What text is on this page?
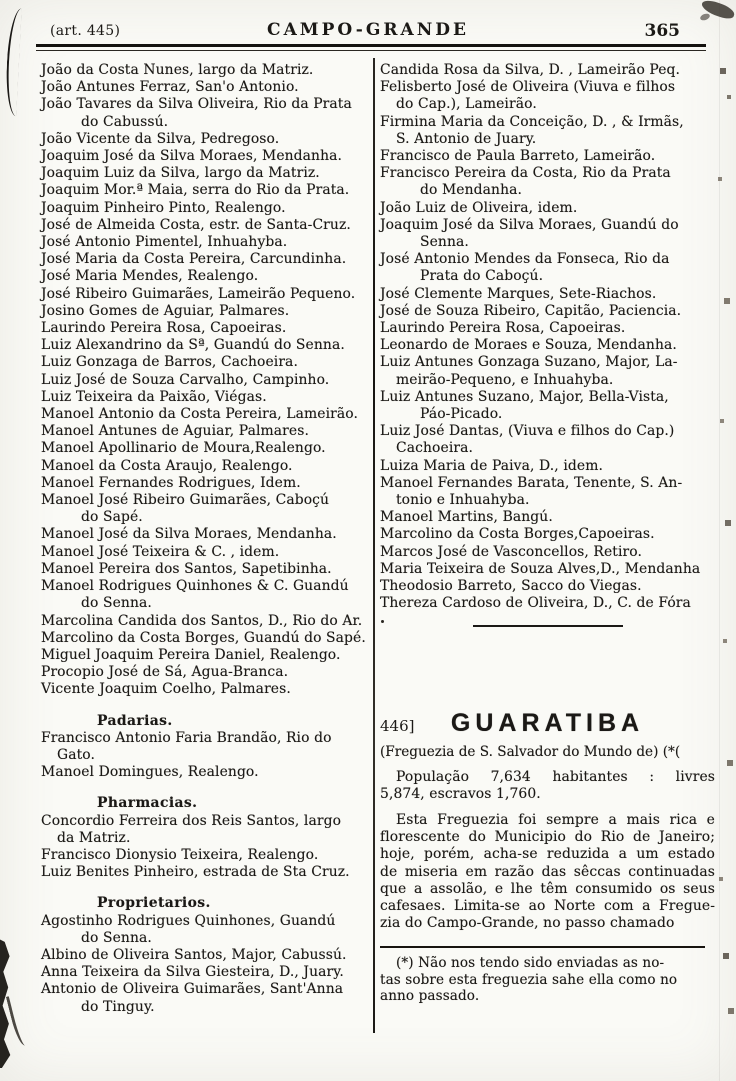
(art. 445)	CAMPO-GRANDE	365
João da Costa Nunes, largo da Matriz.
João Antunes Ferraz, San'o Antonio.
João Tavares da Silva Oliveira, Rio da Prata
do Cabussú.
João Vicente da Silva, Pedregoso.
Joaquim José da Silva Moraes, Mendanha.
Joaquim Luiz da Silva, largo da Matriz.
Joaquim Mor.ª Maia, serra do Rio da Prata.
Joaquim Pinheiro Pinto, Realengo.
José de Almeida Costa, estr. de Santa-Cruz.
José Antonio Pimentel, Inhuahyba.
José Maria da Costa Pereira, Carcundinha.
José Maria Mendes, Realengo.
José Ribeiro Guimarães, Lameirão Pequeno.
Josino Gomes de Aguiar, Palmares.
Laurindo Pereira Rosa, Capoeiras.
Luiz Alexandrino da Sª, Guandú do Senna.
Luiz Gonzaga de Barros, Cachoeira.
Luiz José de Souza Carvalho, Campinho.
Luiz Teixeira da Paixão, Viégas.
Manoel Antonio da Costa Pereira, Lameirão.
Manoel Antunes de Aguiar, Palmares.
Manoel Apollinario de Moura,Realengo.
Manoel da Costa Araujo, Realengo.
Manoel Fernandes Rodrigues, Idem.
Manoel José Ribeiro Guimarães, Caboçú
do Sapé.
Manoel José da Silva Moraes, Mendanha.
Manoel José Teixeira & C. , idem.
Manoel Pereira dos Santos, Sapetibinha.
Manoel Rodrigues Quinhones & C. Guandú
do Senna.
Marcolina Candida dos Santos, D., Rio do Ar.
Marcolino da Costa Borges, Guandú do Sapé.
Miguel Joaquim Pereira Daniel, Realengo.
Procopio José de Sá, Agua-Branca.
Vicente Joaquim Coelho, Palmares.
Padarias.
Francisco Antonio Faria Brandão, Rio do
Gato.
Manoel Domingues, Realengo.
Pharmacias.
Concordio Ferreira dos Reis Santos, largo
da Matriz.
Francisco Dionysio Teixeira, Realengo.
Luiz Benites Pinheiro, estrada de Sta Cruz.
Proprietarios.
Agostinho Rodrigues Quinhones, Guandú
do Senna.
Albino de Oliveira Santos, Major, Cabussú.
Anna Teixeira da Silva Giesteira, D., Juary.
Antonio de Oliveira Guimarães, Sant'Anna
do Tinguy.
Candida Rosa da Silva, D. , Lameirão Peq.
Felisberto José de Oliveira (Viuva e filhos
do Cap.), Lameirão.
Firmina Maria da Conceição, D. , & Irmãs,
S. Antonio de Juary.
Francisco de Paula Barreto, Lameirão.
Francisco Pereira da Costa, Rio da Prata
do Mendanha.
João Luiz de Oliveira, idem.
Joaquim José da Silva Moraes, Guandú do
Senna.
José Antonio Mendes da Fonseca, Rio da
Prata do Caboçú.
José Clemente Marques, Sete-Riachos.
José de Souza Ribeiro, Capitão, Paciencia.
Laurindo Pereira Rosa, Capoeiras.
Leonardo de Moraes e Souza, Mendanha.
Luiz Antunes Gonzaga Suzano, Major, La-
meirão-Pequeno, e Inhuahyba.
Luiz Antunes Suzano, Major, Bella-Vista,
Páo-Picado.
Luiz José Dantas, (Viuva e filhos do Cap.)
Cachoeira.
Luiza Maria de Paiva, D., idem.
Manoel Fernandes Barata, Tenente, S. An-
tonio e Inhuahyba.
Manoel Martins, Bangú.
Marcolino da Costa Borges,Capoeiras.
Marcos José de Vasconcellos, Retiro.
Maria Teixeira de Souza Alves,D., Mendanha
Theodosio Barreto, Sacco do Viegas.
Thereza Cardoso de Oliveira, D., C. de Fóra
446] GUARATIBA
(Freguezia de S. Salvador do Mundo de) (*(
População 7,634 habitantes : livres
5,874, escravos 1,760.
Esta Freguezia foi sempre a mais rica e
florescente do Municipio do Rio de Janeiro;
hoje, porém, acha-se reduzida a um estado
de miseria em razão das sêccas continuadas
que a assolão, e lhe têm consumido os seus
cafesaes. Limita-se ao Norte com a Fregue-
zia do Campo-Grande, no passo chamado
(*) Não nos tendo sido enviadas as no-
tas sobre esta freguezia sahe ella como no
anno passado.
